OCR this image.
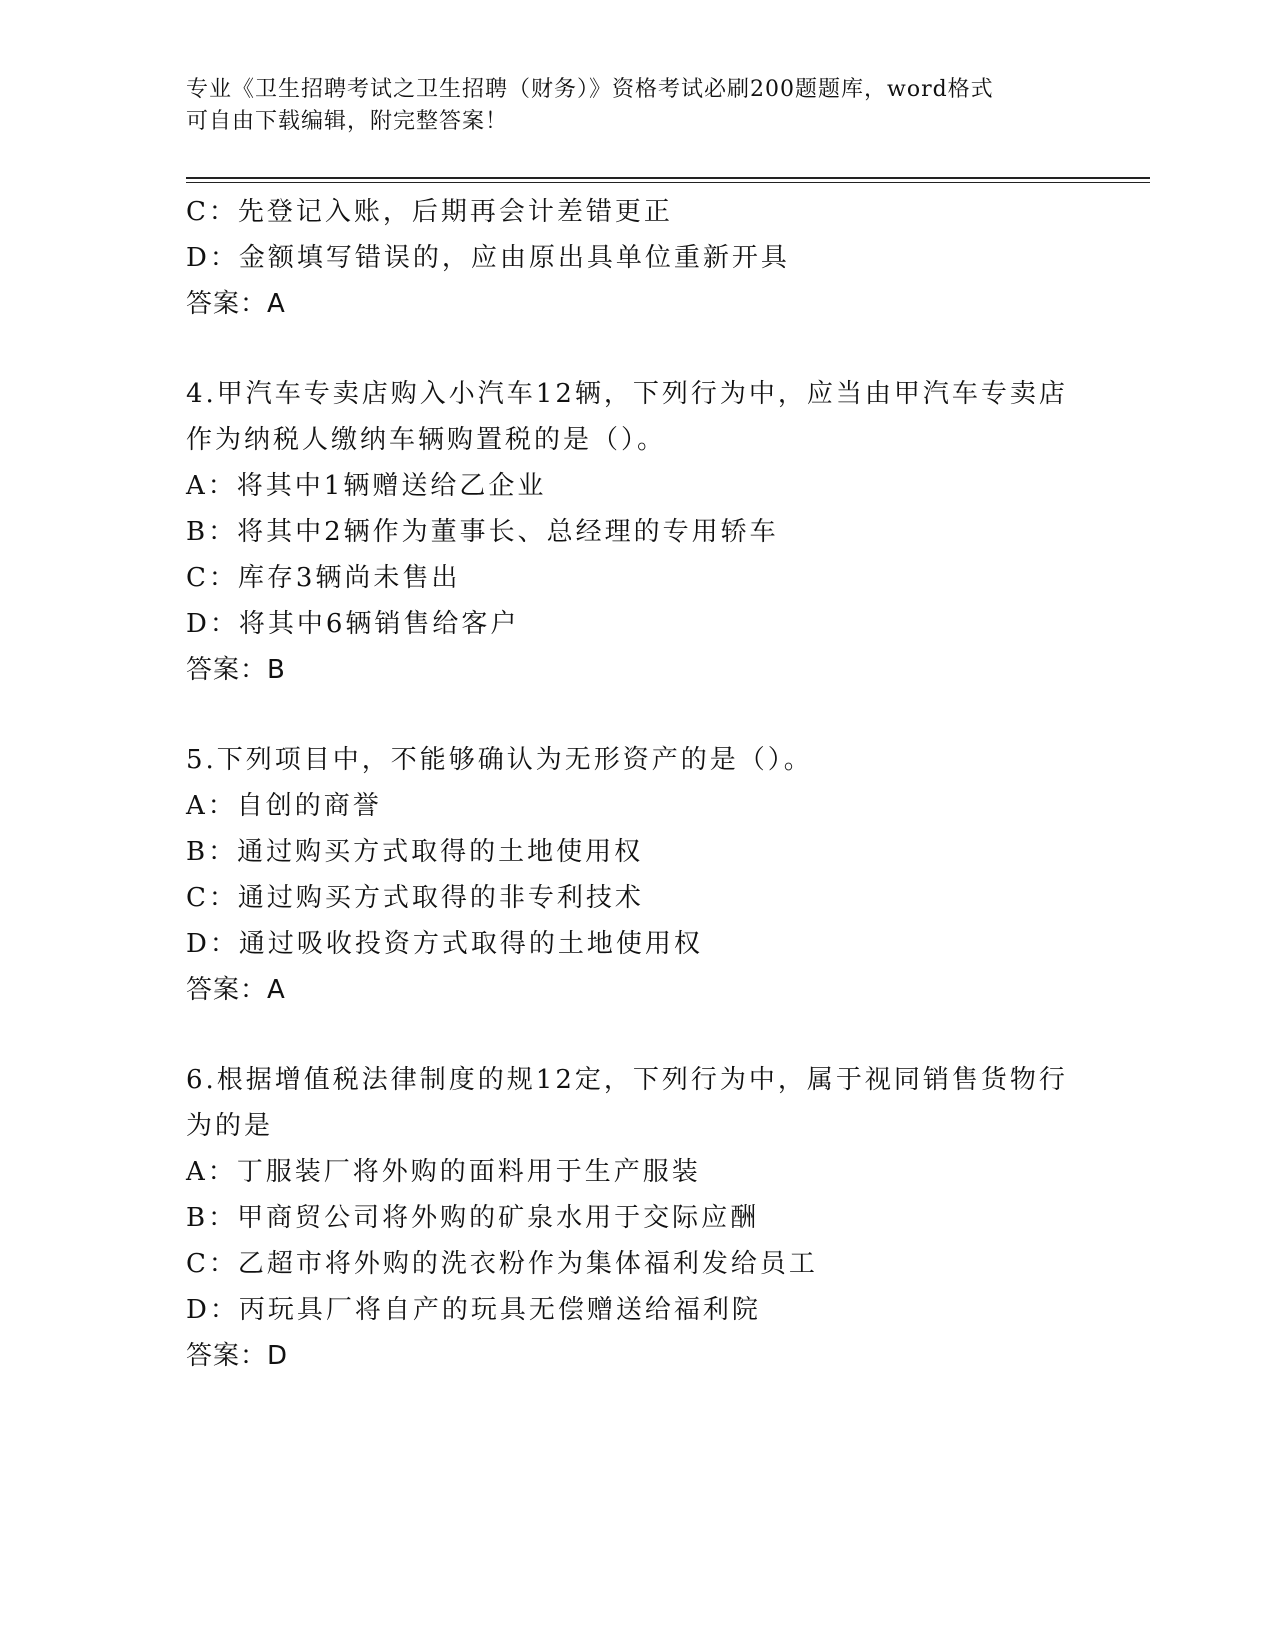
专业《卫生招聘考试之卫生招聘（财务）》资格考试必刷200题题库，word格式
可自由下载编辑，附完整答案！
C：先登记入账，后期再会计差错更正
D：金额填写错误的，应由原出具单位重新开具
答案：A
4.甲汽车专卖店购入小汽车12辆，下列行为中，应当由甲汽车专卖店
作为纳税人缴纳车辆购置税的是（）。
A：将其中1辆赠送给乙企业
B：将其中2辆作为董事长、总经理的专用轿车
C：库存3辆尚未售出
D：将其中6辆销售给客户
答案：B
5.下列项目中，不能够确认为无形资产的是（）。
A：自创的商誉
B：通过购买方式取得的土地使用权
C：通过购买方式取得的非专利技术
D：通过吸收投资方式取得的土地使用权
答案：A
6.根据增值税法律制度的规12定，下列行为中，属于视同销售货物行
为的是
A：丁服装厂将外购的面料用于生产服装
B：甲商贸公司将外购的矿泉水用于交际应酬
C：乙超市将外购的洗衣粉作为集体福利发给员工
D：丙玩具厂将自产的玩具无偿赠送给福利院
答案：D
